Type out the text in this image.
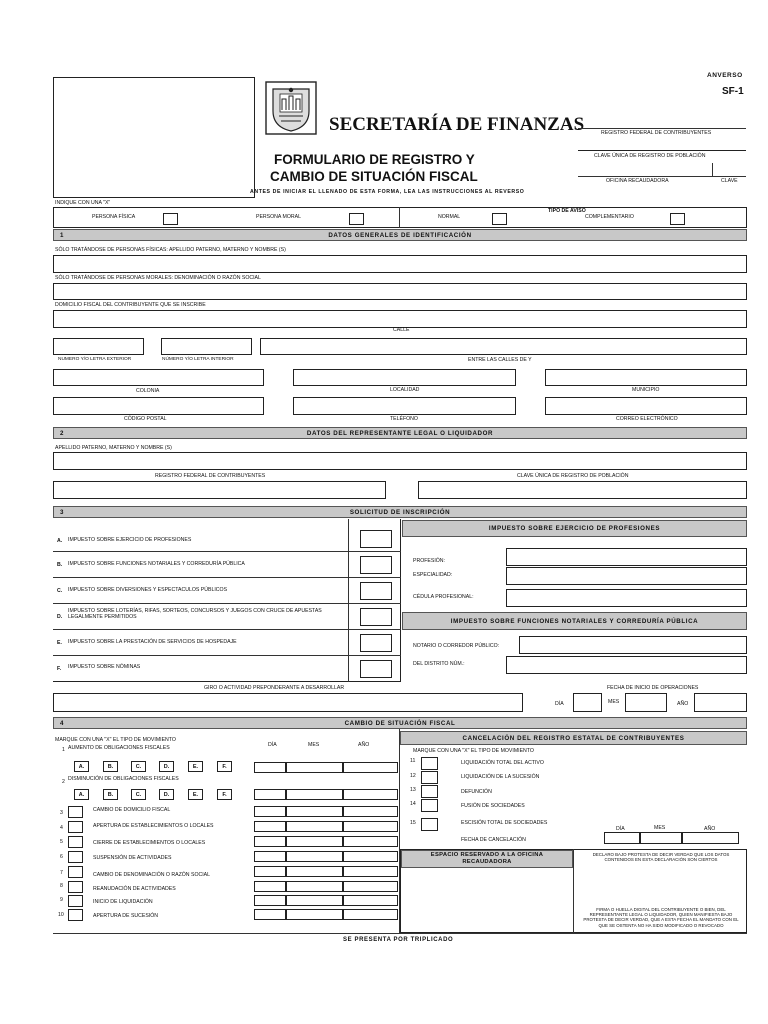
SECRETARÍA DE FINANZAS
ANVERSO
SF-1
FORMULARIO DE REGISTRO Y
CAMBIO DE SITUACIÓN FISCAL
REGISTRO FEDERAL DE CONTRIBUYENTES
CLAVE ÚNICA DE REGISTRO DE POBLACIÓN
OFICINA RECAUDADORA	CLAVE
ANTES DE INICIAR EL LLENADO DE ESTA FORMA, LEA LAS INSTRUCCIONES AL REVERSO
INDIQUE CON UNA "X"
TIPO DE AVISO
PERSONA FÍSICA	PERSONA MORAL	NORMAL	COMPLEMENTARIO
1	DATOS GENERALES DE IDENTIFICACIÓN
SÓLO TRATÁNDOSE DE PERSONAS FÍSICAS: APELLIDO PATERNO, MATERNO Y NOMBRE (S)
SÓLO TRATÁNDOSE DE PERSONAS MORALES: DENOMINACIÓN O RAZÓN SOCIAL
DOMICILIO FISCAL DEL CONTRIBUYENTE QUE SE INSCRIBE
CALLE
NUMERO Y/O LETRA EXTERIOR	NÚMERO Y/O LETRA INTERIOR	ENTRE LAS CALLES DE Y
COLONIA	LOCALIDAD	MUNICIPIO
CÓDIGO POSTAL	TELÉFONO	CORREO ELECTRÓNICO
2	DATOS DEL REPRESENTANTE LEGAL O LIQUIDADOR
APELLIDO PATERNO, MATERNO Y NOMBRE (S)
REGISTRO FEDERAL DE CONTRIBUYENTES	CLAVE ÚNICA DE REGISTRO DE POBLACIÓN
3	SOLICITUD DE INSCRIPCIÓN
A. IMPUESTO SOBRE EJERCICIO DE PROFESIONES
B. IMPUESTO SOBRE FUNCIONES NOTARIALES Y CORREDURÍA PÚBLICA
C. IMPUESTO SOBRE DIVERSIONES Y ESPECTACULOS PÚBLICOS
D.
IMPUESTO SOBRE LOTERÍAS, RIFAS, SORTEOS, CONCURSOS Y JUEGOS CON CRUCE DE APUESTAS LEGALMENTE PERMITIDOS
E. IMPUESTO SOBRE LA PRESTACIÓN DE SERVICIOS DE HOSPEDAJE
F. IMPUESTO SOBRE NÓMINAS
IMPUESTO SOBRE EJERCICIO DE PROFESIONES
PROFESIÓN:
ESPECIALIDAD:
CÉDULA PROFESIONAL:
IMPUESTO SOBRE FUNCIONES NOTARIALES Y CORREDURÍA PÚBLICA
NOTARIO O CORREDOR PÚBLICO:
DEL DISTRITO NÚM.:
GIRO O ACTIVIDAD PREPONDERANTE A DESARROLLAR	FECHA DE INICIO DE OPERACIONES
DÍA	MES	AÑO
4	CAMBIO DE SITUACIÓN FISCAL
MARQUE CON UNA "X" EL TIPO DE MOVIMIENTO
DÍA	MES	AÑO
1 AUMENTO DE OBLIGACIONES FISCALES
A.	B.	C.	D.	E.	F.
2 DISMINUCIÓN DE OBLIGACIONES FISCALES
A.	B.	C.	D.	E.	F.
3	CAMBIO DE DOMICILIO FISCAL
4	APERTURA DE ESTABLECIMIENTOS O LOCALES
5	CIERRE DE ESTABLECIMIENTOS O LOCALES
6	SUSPENSIÓN DE ACTIVIDADES
7	CAMBIO DE DENOMINACIÓN O RAZÓN SOCIAL
8	REANUDACIÓN DE ACTIVIDADES
9	INICIO DE LIQUIDACIÓN
10	APERTURA DE SUCESIÓN
CANCELACIÓN DEL REGISTRO ESTATAL DE CONTRIBUYENTES
MARQUE CON UNA "X" EL TIPO DE MOVIMIENTO
11	LIQUIDACIÓN TOTAL DEL ACTIVO
12	LIQUIDACIÓN DE LA SUCESIÓN
13	DEFUNCIÓN
14	FUSIÓN DE SOCIEDADES
15	ESCISIÓN TOTAL DE SOCIEDADES
FECHA DE CANCELACIÓN
DÍA	MES	AÑO
ESPACIO RESERVADO A LA OFICINA RECAUDADORA
DECLARO BAJO PROTESTA DE DECIR VERDAD QUE LOS DATOS CONTENIDOS EN ESTA DECLARACIÓN SON CIERTOS
FIRMA O HUELLA DIGITAL DEL CONTRIBUYENTE O BIEN, DEL REPRESENTANTE LEGAL O LIQUIDADOR, QUIEN MANIFIESTA BAJO PROTESTA DE DECIR VERDAD, QUE A ESTA FECHA EL MANDATO CON EL QUE SE OSTENTA NO HA SIDO MODIFICADO O REVOCADO
SE PRESENTA POR TRIPLICADO
